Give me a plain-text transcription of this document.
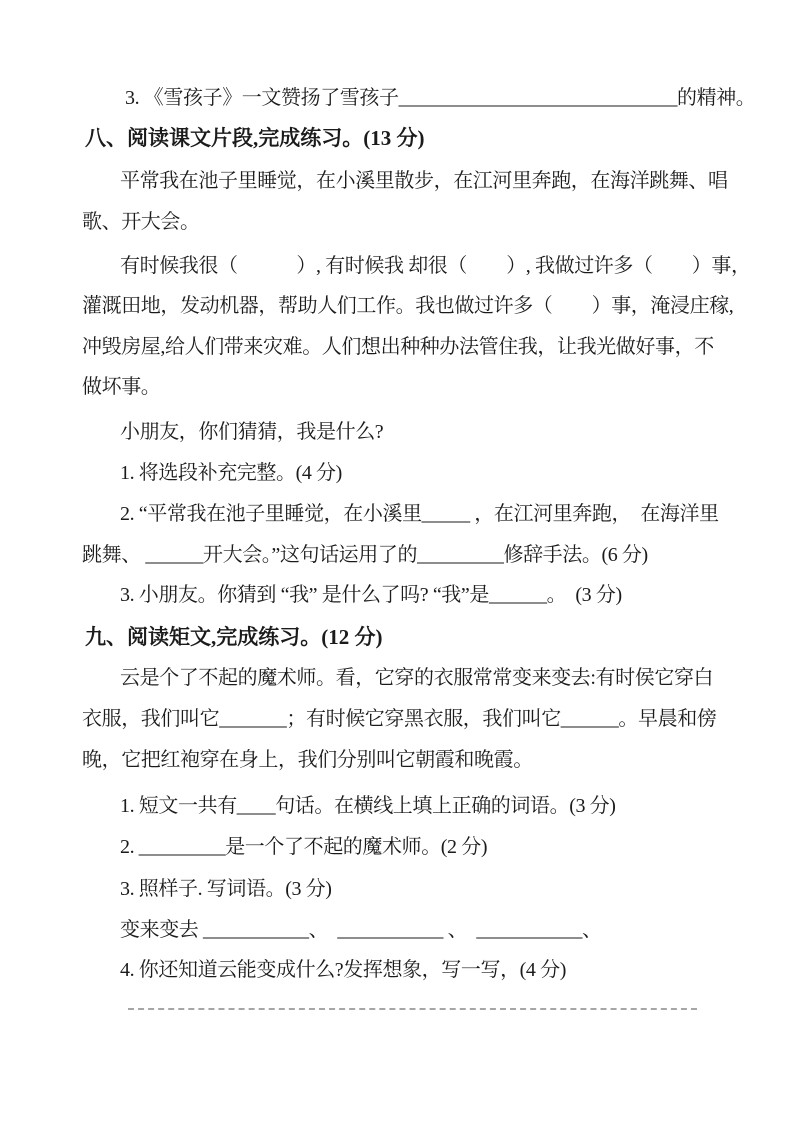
3. 《雪孩子》一文赞扬了雪孩子_____________________________的精神。
八、阅读课文片段,完成练习。(13 分)
平常我在池子里睡觉，在小溪里散步，在江河里奔跑，在海洋跳舞、唱
歌、开大会。
有时候我很（　　　）, 有时候我 却很（　　）, 我做过许多（　　）事，
灌溉田地，发动机器，帮助人们工作。我也做过许多（　　）事，淹浸庄稼,
冲毁房屋,给人们带来灾难。人们想出种种办法管住我，让我光做好事，不
做坏事。
小朋友，你们猜猜，我是什么?
1. 将选段补充完整。(4 分)
2. “平常我在池子里睡觉，在小溪里_____ ，在江河里奔跑，  在海洋里
跳舞、 ______开大会。”这句话运用了的_________修辞手法。(6 分)
3. 小朋友。你猜到 “我” 是什么了吗? “我”是______。  (3 分)
九、阅读矩文,完成练习。(12 分)
云是个了不起的魔术师。看，它穿的衣服常常变来变去:有时侯它穿白
衣服，我们叫它_______；有时候它穿黑衣服，我们叫它______。早晨和傍
晚，它把红袍穿在身上，我们分别叫它朝霞和晚霞。
1. 短文一共有____句话。在横线上填上正确的词语。(3 分)
2. _________是一个了不起的魔术师。(2 分)
3. 照样子. 写词语。(3 分)
变来变去 ___________、  ___________ 、  ___________、
4. 你还知道云能变成什么?发挥想象，写一写，(4 分)
